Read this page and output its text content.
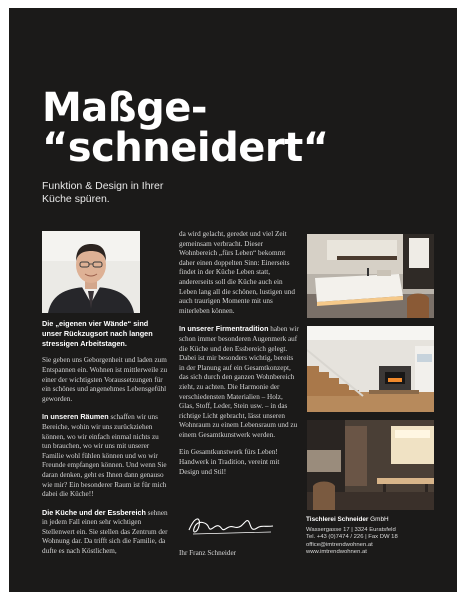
Maßge-
“schneidert“

Funktion & Design in Ihrer Küche spüren.

Die „eigenen vier Wände“ sind unser Rückzugsort nach langen stressigen Arbeitstagen.

Sie geben uns Geborgenheit und laden zum Entspannen ein. Wohnen ist mittlerweile zu einer der wichtigsten Voraussetzungen für ein schönes und angenehmes Lebensgefühl geworden.

In unseren Räumen schaffen wir uns Bereiche, wohin wir uns zurückziehen können, wo wir einfach einmal nichts zu tun brauchen, wo wir uns mit unserer Familie wohl fühlen können und wo wir Freunde empfangen können. Und wenn Sie daran denken, geht es Ihnen dann genauso wie mir? Ein besonderer Raum ist für mich dabei die Küche!!

Die Küche und der Essbereich sehnen in jedem Fall einen sehr wichtigen Stellenwert ein. Sie stellen das Zentrum der Wohnung dar. Da trifft sich die Familie, da dufte es nach Köstlichem,

da wird gelacht, geredet und viel Zeit gemeinsam verbracht. Dieser Wohnbereich „fürs Leben“ bekommt daher einen doppelten Sinn: Einerseits findet in der Küche Leben statt, andererseits soll die Küche auch ein Leben lang all die schönen, lustigen und auch traurigen Momente mit uns miterleben können.

In unserer Firmentradition haben wir schon immer besonderen Augenmerk auf die Küche und den Essbereich gelegt. Dabei ist mir besonders wichtig, bereits in der Planung auf ein Gesamtkonzept, das sich durch den ganzen Wohnbereich zieht, zu achten. Die Harmonie der verschiedensten Materialien – Holz, Glas, Stoff, Leder, Stein usw. – in das richtige Licht gebracht, lässt unseren Wohnraum zu einem Lebensraum und zu einem Gesamtkunstwerk werden.

Ein Gesamtkunstwerk fürs Leben! Handwerk in Tradition, vereint mit Design und Stil!

Ihr Franz Schneider

Tischlerei Schneider GmbH
Wassergasse 17 | 3324 Euratsfeld
Tel. +43 (0)7474 / 226 | Fax DW 18
office@imtrendwohnen.at
www.imtrendwohnen.at
